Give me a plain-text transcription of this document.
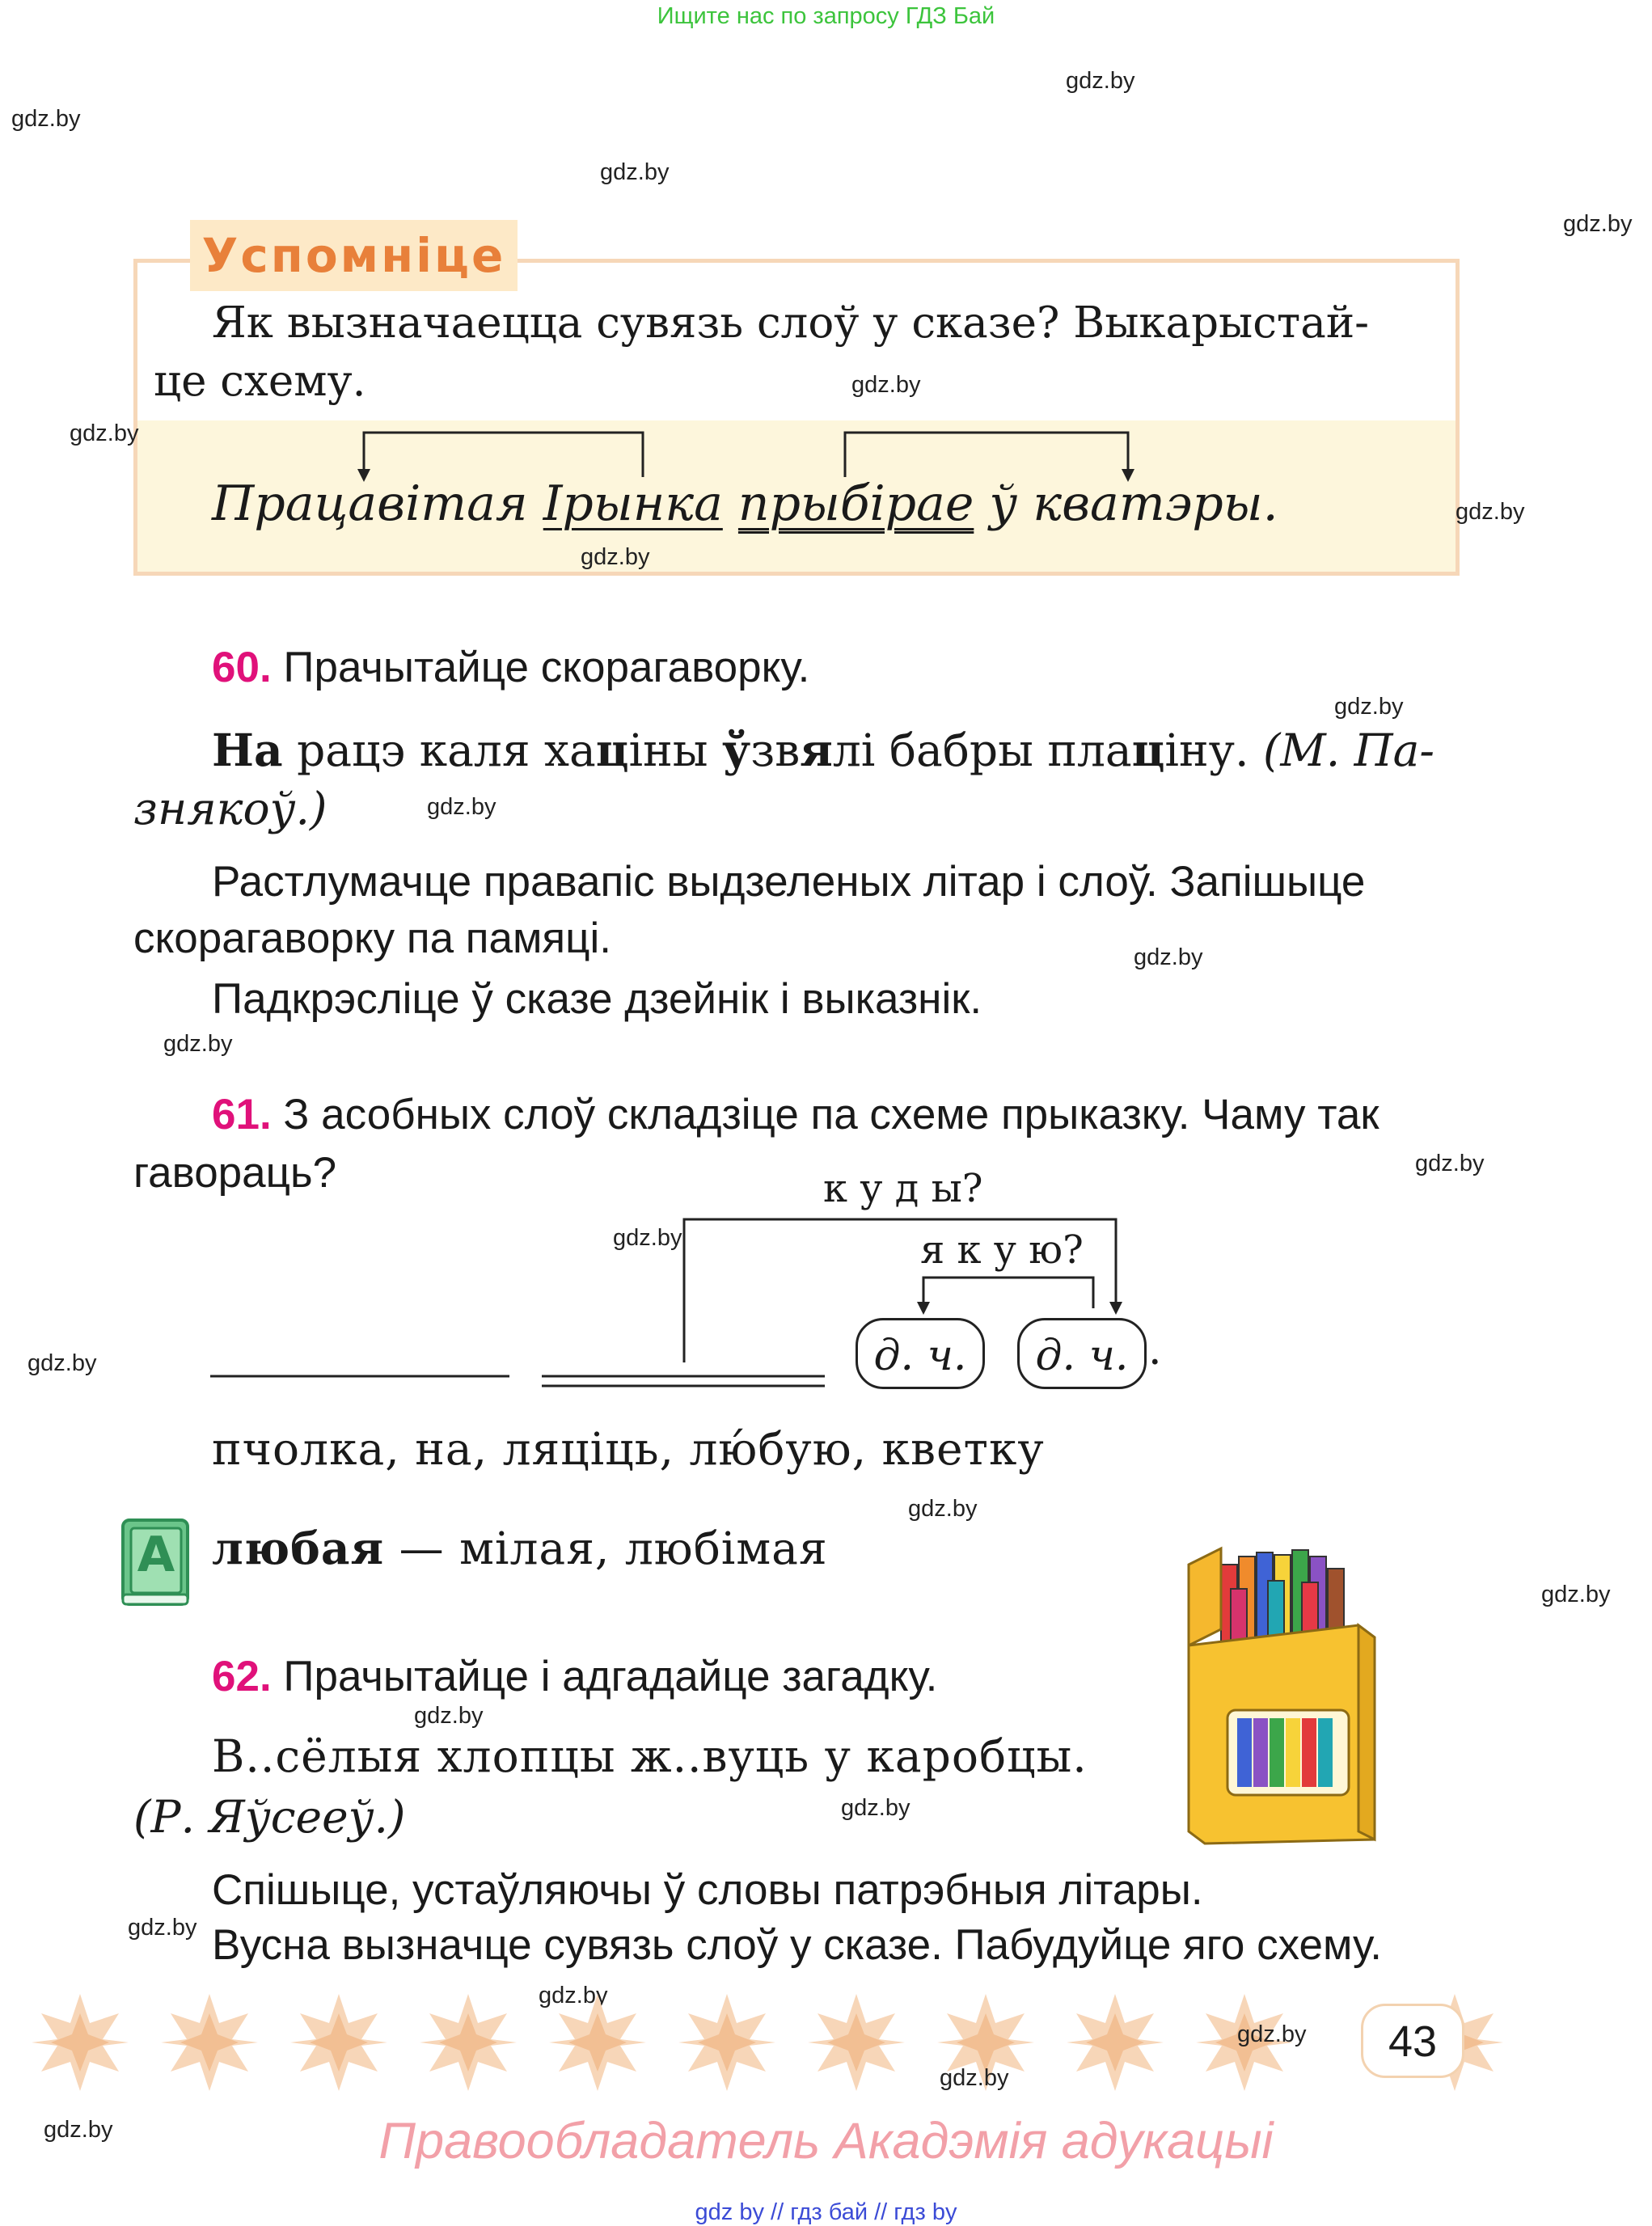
Ищите нас по запросу ГДЗ Бай
gdz.by
gdz.by
gdz.by
gdz.by
Успомніце
Як вызначаецца сувязь слоў у сказе? Выкарыстай-
це схему.	gdz.by
gdz.by
Працавітая Ірынка прыбірае ў кватэры.	gdz.by
gdz.by
60. Прачытайце скорагаворку.
gdz.by
На рацэ каля хаціны ўзвялі бабры плаціну. (М. Па-
знякоў.)	gdz.by
Растлумачце правапіс выдзеленых літар і слоў. Запішыце
скорагаворку па памяці.	gdz.by
Падкрэсліце ў сказе дзейнік і выказнік.
gdz.by
61. З асобных слоў складзіце па схеме прыказку. Чаму так
гавораць?	gdz.by
к у д ы?
gdz.by	я к у ю?
д. ч.	д. ч. .
gdz.by
пчолка, на, ляціць, лю́бую, кветку
gdz.by
А любая — мілая, любімая
gdz.by
62. Прачытайце і адгадайце загадку.
gdz.by
В..сёлыя хлопцы ж..вуць у каробцы.
(Р. Яўсееў.)	gdz.by
Спішыце, устаўляючы ў словы патрэбныя літары.
gdz.by Вусна вызначце сувязь слоў у сказе. Пабудуйце яго схему.
gdz.by
gdz.by	43
gdz.by
gdz.by	Правообладатель Акадэмія адукацыі
gdz by // гдз бай // гдз by
